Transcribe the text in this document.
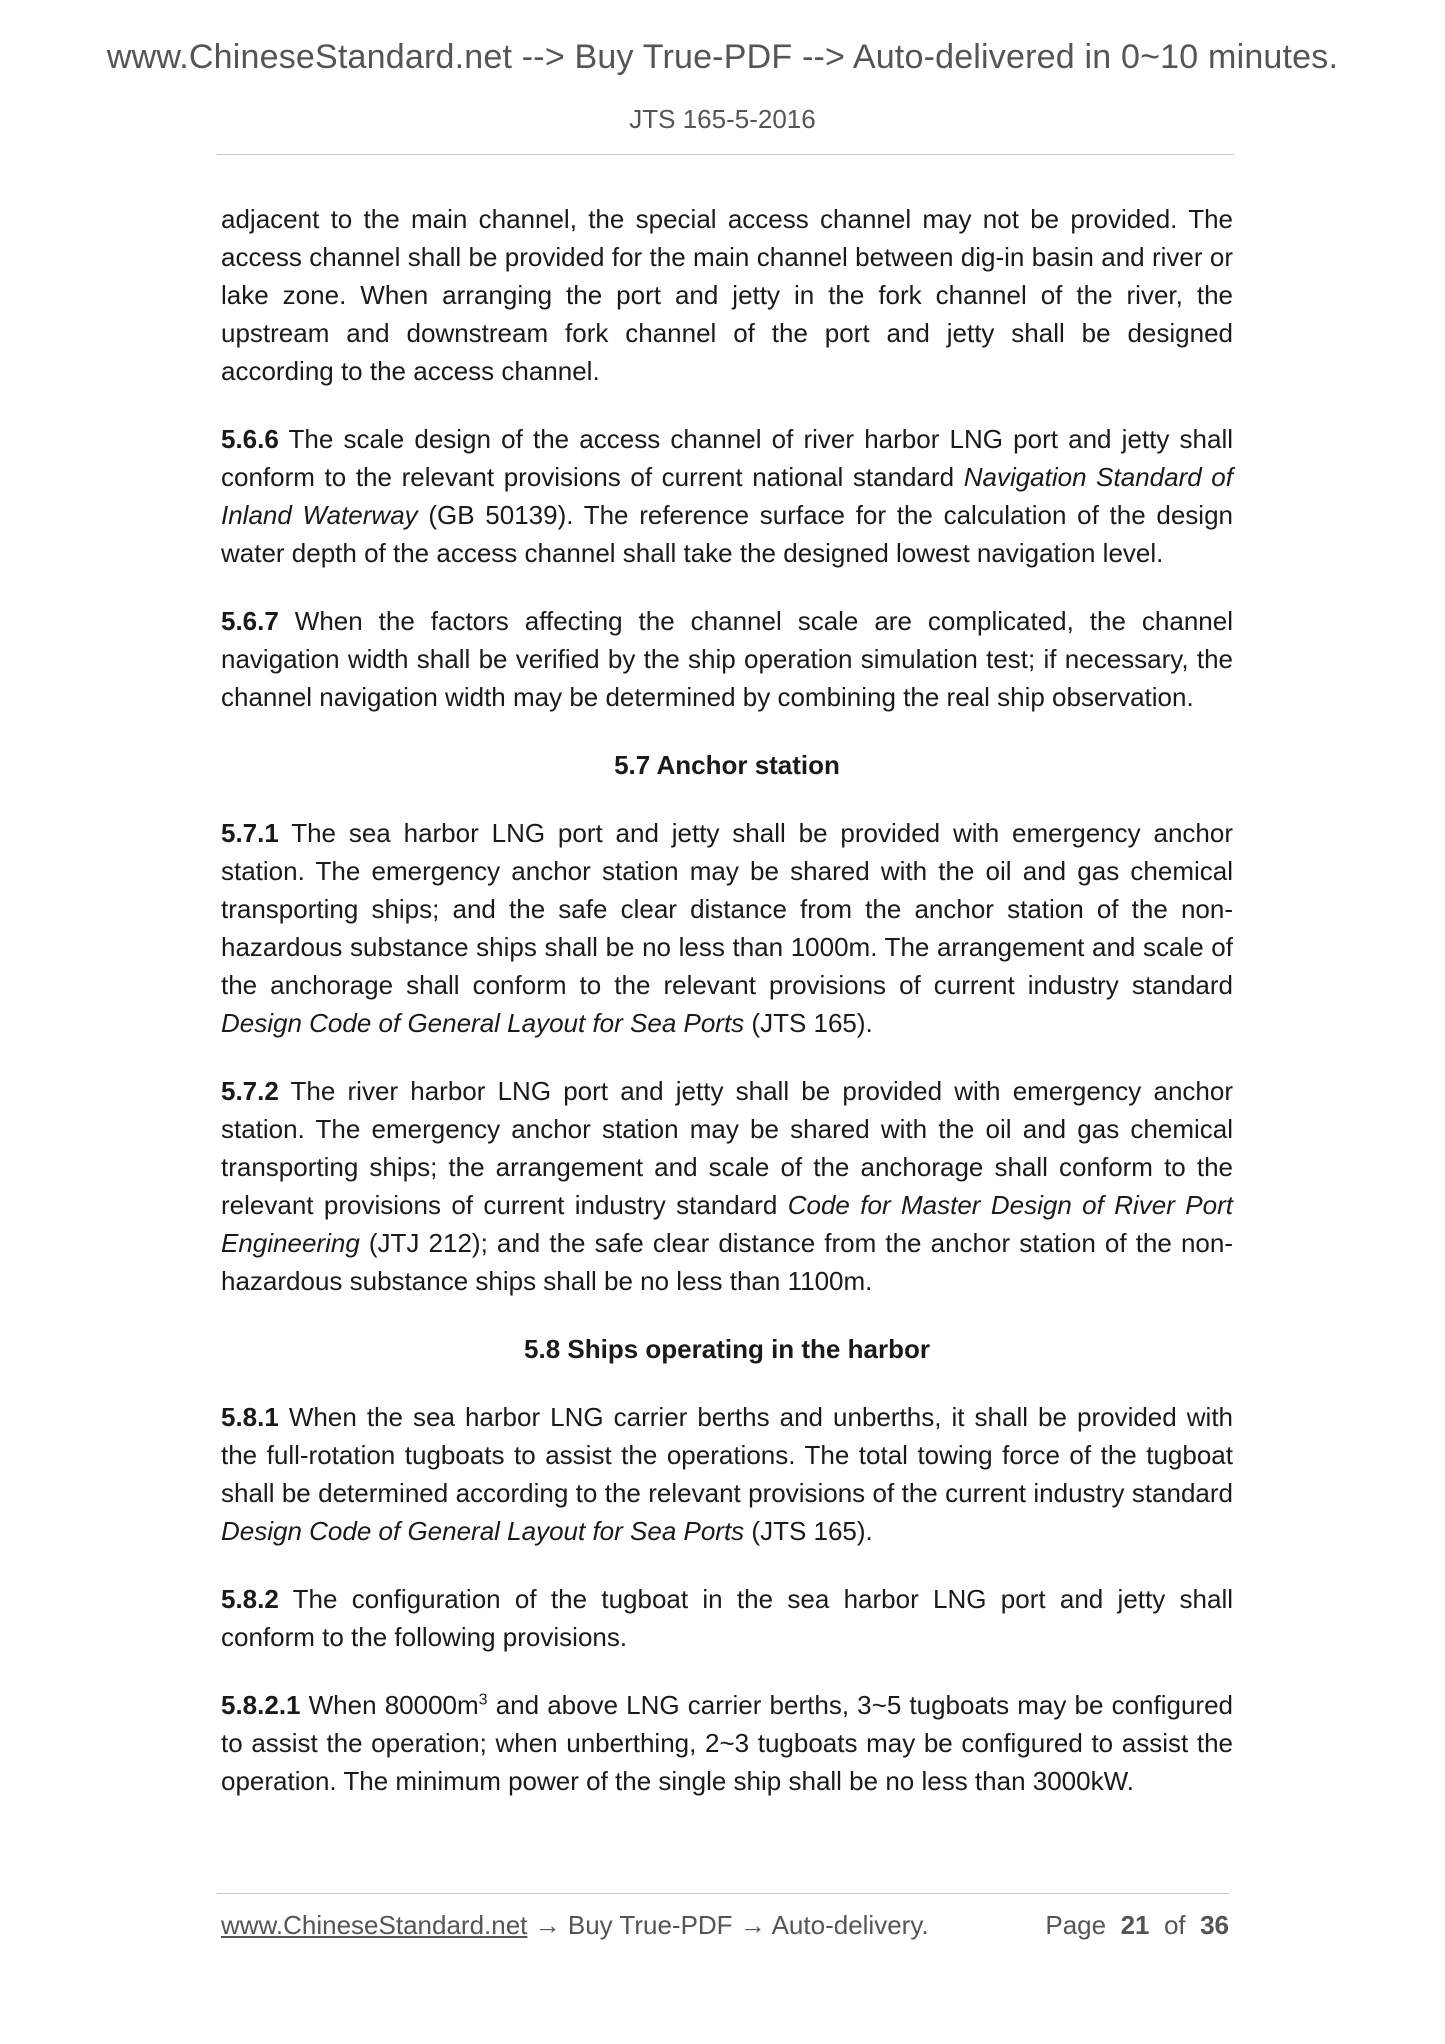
www.ChineseStandard.net --> Buy True-PDF --> Auto-delivered in 0~10 minutes.
JTS 165-5-2016

adjacent to the main channel, the special access channel may not be provided. The access channel shall be provided for the main channel between dig-in basin and river or lake zone. When arranging the port and jetty in the fork channel of the river, the upstream and downstream fork channel of the port and jetty shall be designed according to the access channel.

5.6.6 The scale design of the access channel of river harbor LNG port and jetty shall conform to the relevant provisions of current national standard Navigation Standard of Inland Waterway (GB 50139). The reference surface for the calculation of the design water depth of the access channel shall take the designed lowest navigation level.

5.6.7 When the factors affecting the channel scale are complicated, the channel navigation width shall be verified by the ship operation simulation test; if necessary, the channel navigation width may be determined by combining the real ship observation.

5.7 Anchor station

5.7.1 The sea harbor LNG port and jetty shall be provided with emergency anchor station. The emergency anchor station may be shared with the oil and gas chemical transporting ships; and the safe clear distance from the anchor station of the non-hazardous substance ships shall be no less than 1000m. The arrangement and scale of the anchorage shall conform to the relevant provisions of current industry standard Design Code of General Layout for Sea Ports (JTS 165).

5.7.2 The river harbor LNG port and jetty shall be provided with emergency anchor station. The emergency anchor station may be shared with the oil and gas chemical transporting ships; the arrangement and scale of the anchorage shall conform to the relevant provisions of current industry standard Code for Master Design of River Port Engineering (JTJ 212); and the safe clear distance from the anchor station of the non-hazardous substance ships shall be no less than 1100m.

5.8 Ships operating in the harbor

5.8.1 When the sea harbor LNG carrier berths and unberths, it shall be provided with the full-rotation tugboats to assist the operations. The total towing force of the tugboat shall be determined according to the relevant provisions of the current industry standard Design Code of General Layout for Sea Ports (JTS 165).

5.8.2 The configuration of the tugboat in the sea harbor LNG port and jetty shall conform to the following provisions.

5.8.2.1 When $80000m^3$ and above LNG carrier berths, 3~5 tugboats may be configured to assist the operation; when unberthing, 2~3 tugboats may be configured to assist the operation. The minimum power of the single ship shall be no less than 3000kW.

www.ChineseStandard.net → Buy True-PDF → Auto-delivery.	Page 21 of 36
